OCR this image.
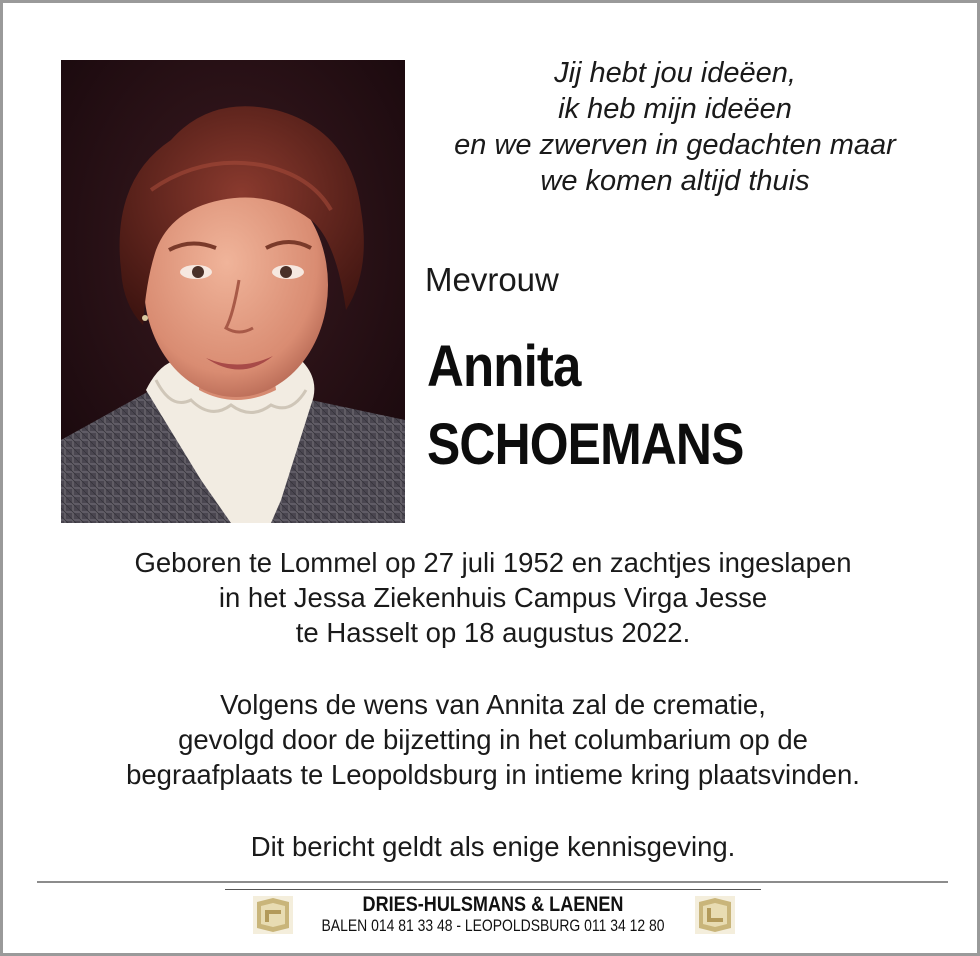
Jij hebt jou ideëen,
ik heb mijn ideëen
en we zwerven in gedachten maar
we komen altijd thuis
Mevrouw
Annita
SCHOEMANS
Geboren te Lommel op 27 juli 1952 en zachtjes ingeslapen
in het Jessa Ziekenhuis Campus Virga Jesse
te Hasselt op 18 augustus 2022.
Volgens de wens van Annita zal de crematie,
gevolgd door de bijzetting in het columbarium op de
begraafplaats te Leopoldsburg in intieme kring plaatsvinden.
Dit bericht geldt als enige kennisgeving.
DRIES-HULSMANS & LAENEN
BALEN 014 81 33 48 - LEOPOLDSBURG 011 34 12 80
